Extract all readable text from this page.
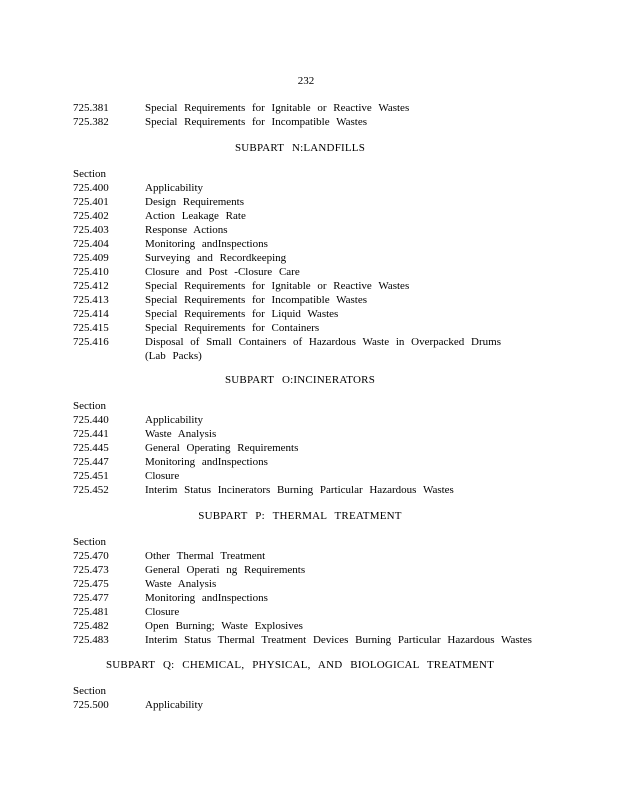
232
725.381	Special Requirements for Ignitable or Reactive Wastes
725.382	Special Requirements for Incompatible Wastes
SUBPART N:LANDFILLS
Section
725.400	Applicability
725.401	Design Requirements
725.402	Action Leakage Rate
725.403	Response Actions
725.404	Monitoring andInspections
725.409	Surveying and Recordkeeping
725.410	Closure and Post -Closure Care
725.412	Special Requirements for Ignitable or Reactive Wastes
725.413	Special Requirements for Incompatible Wastes
725.414	Special Requirements for Liquid Wastes
725.415	Special Requirements for Containers
725.416	Disposal of Small Containers of Hazardous Waste in Overpacked Drums (Lab Packs)
SUBPART O:INCINERATORS
Section
725.440	Applicability
725.441	Waste Analysis
725.445	General Operating Requirements
725.447	Monitoring andInspections
725.451	Closure
725.452	Interim Status Incinerators Burning Particular Hazardous Wastes
SUBPART P: THERMAL TREATMENT
Section
725.470	Other Thermal Treatment
725.473	General Operati ng Requirements
725.475	Waste Analysis
725.477	Monitoring andInspections
725.481	Closure
725.482	Open Burning; Waste Explosives
725.483	Interim Status Thermal Treatment Devices Burning Particular Hazardous Wastes
SUBPART Q: CHEMICAL, PHYSICAL, AND BIOLOGICAL TREATMENT
Section
725.500	Applicability
